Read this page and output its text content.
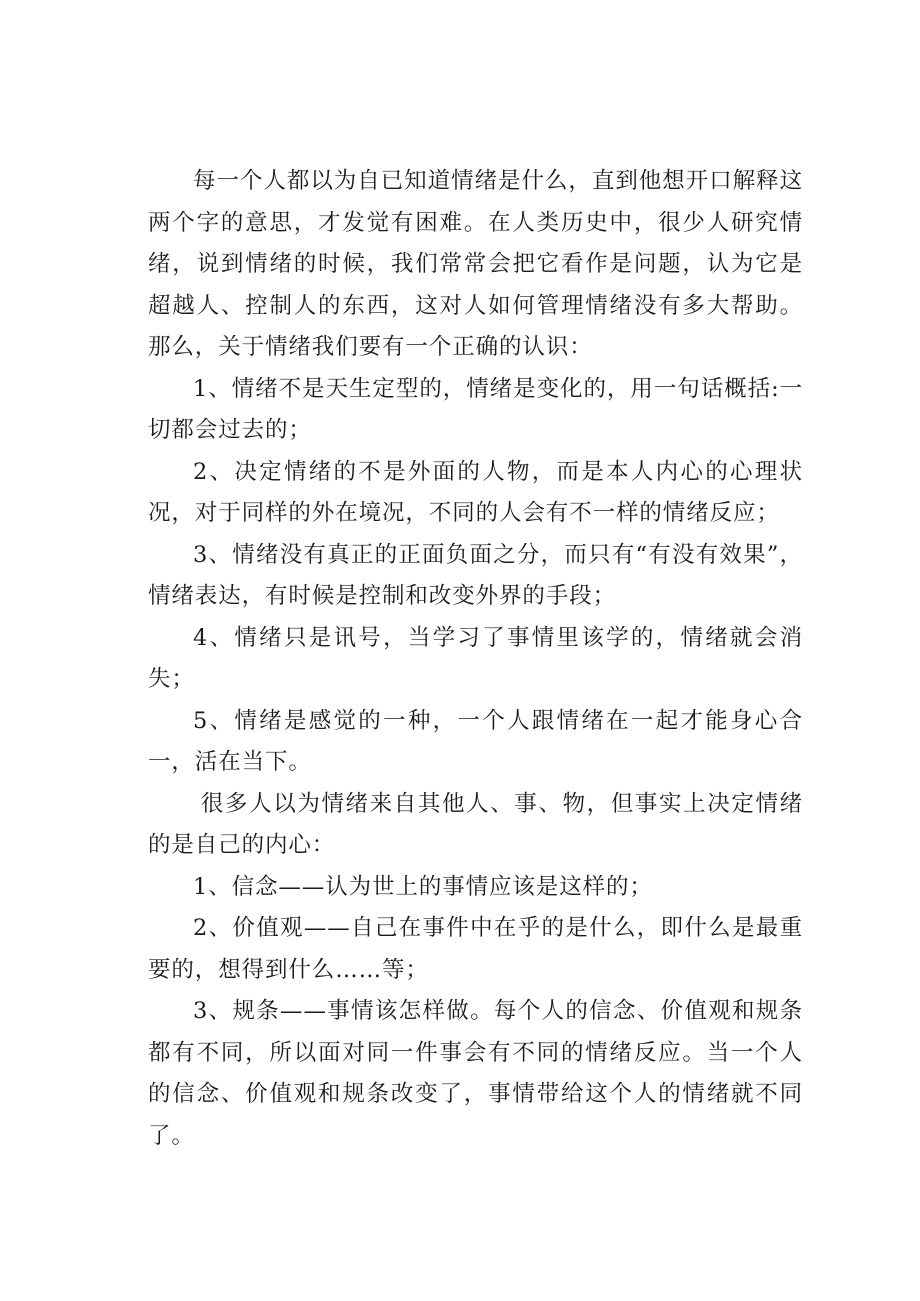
每一个人都以为自已知道情绪是什么，直到他想开口解释这两个字的意思，才发觉有困难。在人类历史中，很少人研究情绪，说到情绪的时候，我们常常会把它看作是问题，认为它是超越人、控制人的东西，这对人如何管理情绪没有多大帮助。那么，关于情绪我们要有一个正确的认识：

1、情绪不是天生定型的，情绪是变化的，用一句话概括:一切都会过去的；

2、决定情绪的不是外面的人物，而是本人内心的心理状况，对于同样的外在境况，不同的人会有不一样的情绪反应；

3、情绪没有真正的正面负面之分，而只有“有没有效果”，情绪表达，有时候是控制和改变外界的手段；

4、情绪只是讯号，当学习了事情里该学的，情绪就会消失；

5、情绪是感觉的一种，一个人跟情绪在一起才能身心合一，活在当下。

很多人以为情绪来自其他人、事、物，但事实上决定情绪的是自己的内心：

1、信念——认为世上的事情应该是这样的；

2、价值观——自己在事件中在乎的是什么，即什么是最重要的，想得到什么……等；

3、规条——事情该怎样做。每个人的信念、价值观和规条都有不同，所以面对同一件事会有不同的情绪反应。当一个人的信念、价值观和规条改变了，事情带给这个人的情绪就不同了。
